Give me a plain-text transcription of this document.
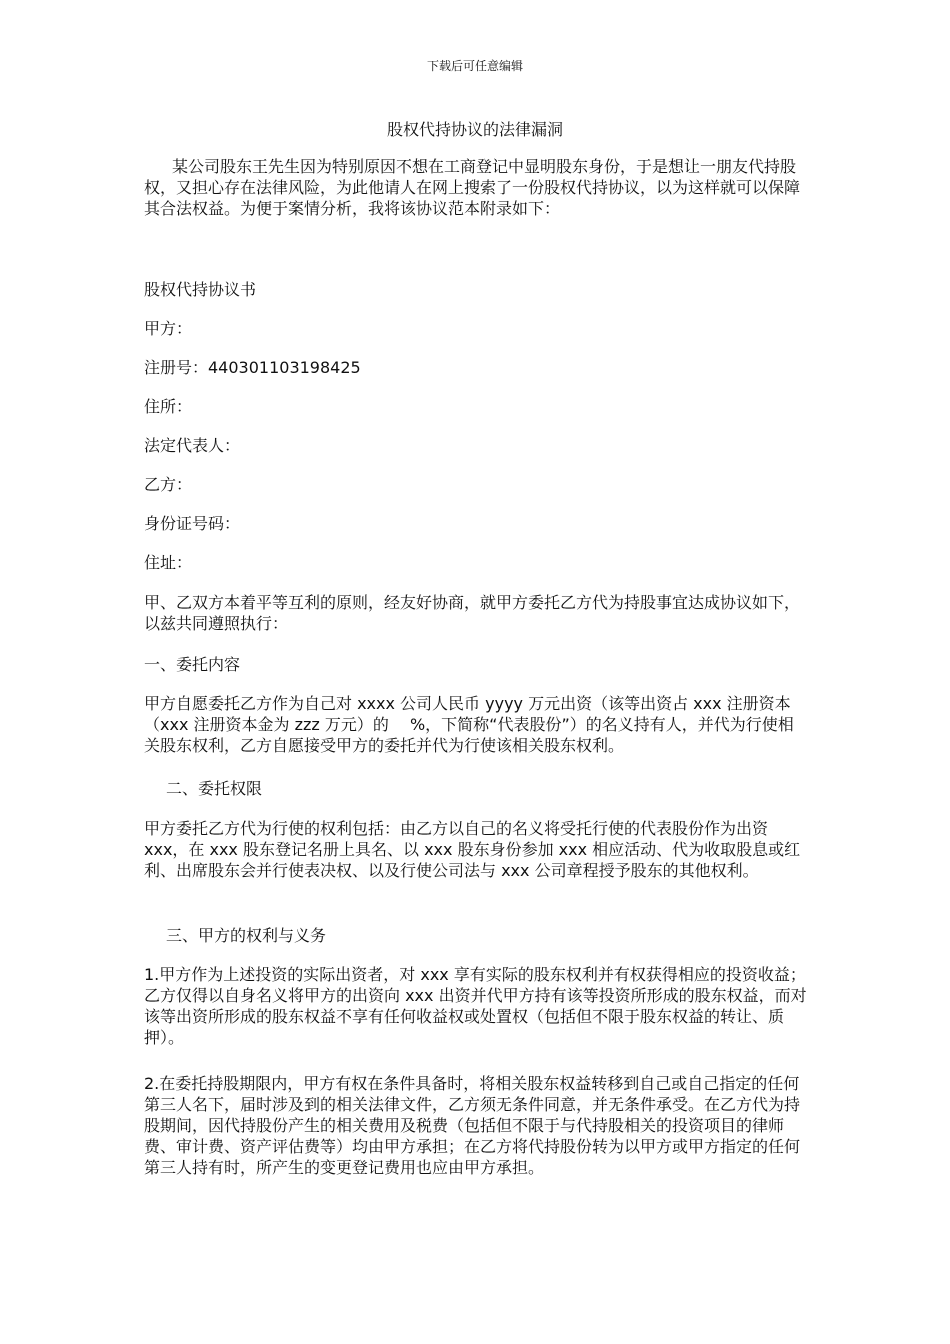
下载后可任意编辑
股权代持协议的法律漏洞

某公司股东王先生因为特别原因不想在工商登记中显明股东身份，于是想让一朋友代持股权，又担心存在法律风险，为此他请人在网上搜索了一份股权代持协议，以为这样就可以保障其合法权益。为便于案情分析，我将该协议范本附录如下：

股权代持协议书

甲方：

注册号：440301103198425

住所：

法定代表人：

乙方：

身份证号码：

住址：

甲、乙双方本着平等互利的原则，经友好协商，就甲方委托乙方代为持股事宜达成协议如下，以兹共同遵照执行：

一、委托内容

甲方自愿委托乙方作为自己对 xxxx 公司人民币 yyyy 万元出资（该等出资占 xxx 注册资本（xxx 注册资本金为 zzz 万元）的　 %，下简称“代表股份”）的名义持有人，并代为行使相关股东权利，乙方自愿接受甲方的委托并代为行使该相关股东权利。

二、委托权限

甲方委托乙方代为行使的权利包括：由乙方以自己的名义将受托行使的代表股份作为出资 xxx，在 xxx 股东登记名册上具名、以 xxx 股东身份参加 xxx 相应活动、代为收取股息或红利、出席股东会并行使表决权、以及行使公司法与 xxx 公司章程授予股东的其他权利。

三、甲方的权利与义务

1.甲方作为上述投资的实际出资者，对 xxx 享有实际的股东权利并有权获得相应的投资收益；乙方仅得以自身名义将甲方的出资向 xxx 出资并代甲方持有该等投资所形成的股东权益，而对该等出资所形成的股东权益不享有任何收益权或处置权（包括但不限于股东权益的转让、质押）。

2.在委托持股期限内，甲方有权在条件具备时，将相关股东权益转移到自己或自己指定的任何第三人名下，届时涉及到的相关法律文件，乙方须无条件同意，并无条件承受。在乙方代为持股期间，因代持股份产生的相关费用及税费（包括但不限于与代持股相关的投资项目的律师费、审计费、资产评估费等）均由甲方承担；在乙方将代持股份转为以甲方或甲方指定的任何第三人持有时，所产生的变更登记费用也应由甲方承担。
